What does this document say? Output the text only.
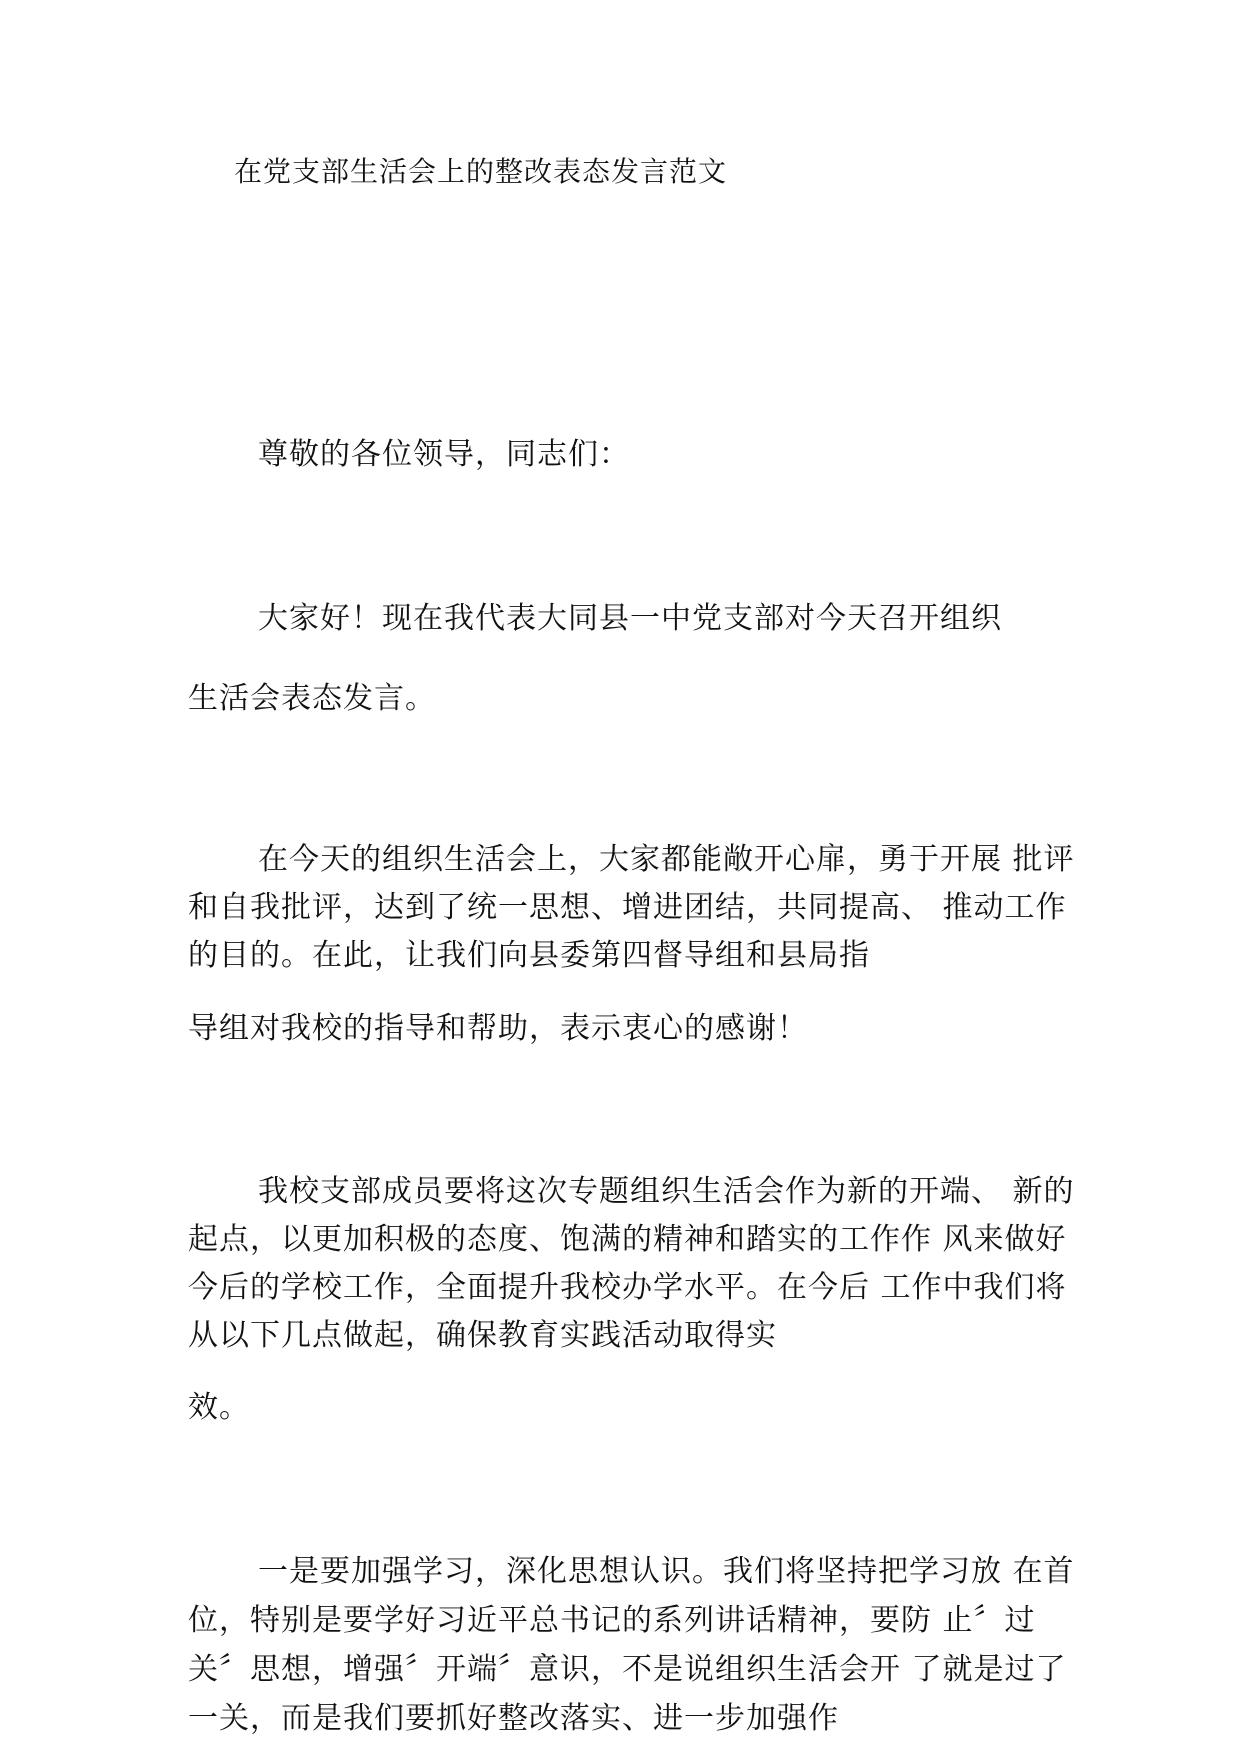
在党支部生活会上的整改表态发言范文
尊敬的各位领导，同志们：
大家好！现在我代表大同县一中党支部对今天召开组织
生活会表态发言。
在今天的组织生活会上，大家都能敞开心扉，勇于开展 批评
和自我批评，达到了统一思想、增进团结，共同提高、 推动工作
的目的。在此，让我们向县委第四督导组和县局指
导组对我校的指导和帮助，表示衷心的感谢！
我校支部成员要将这次专题组织生活会作为新的开端、 新的
起点，以更加积极的态度、饱满的精神和踏实的工作作 风来做好
今后的学校工作，全面提升我校办学水平。在今后 工作中我们将
从以下几点做起，确保教育实践活动取得实
效。
一是要加强学习，深化思想认识。我们将坚持把学习放 在首
位，特别是要学好习近平总书记的系列讲话精神，要防 止〞过
关〞思想，增强〞开端〞意识，不是说组织生活会开 了就是过了
一关，而是我们要抓好整改落实、进一步加强作
